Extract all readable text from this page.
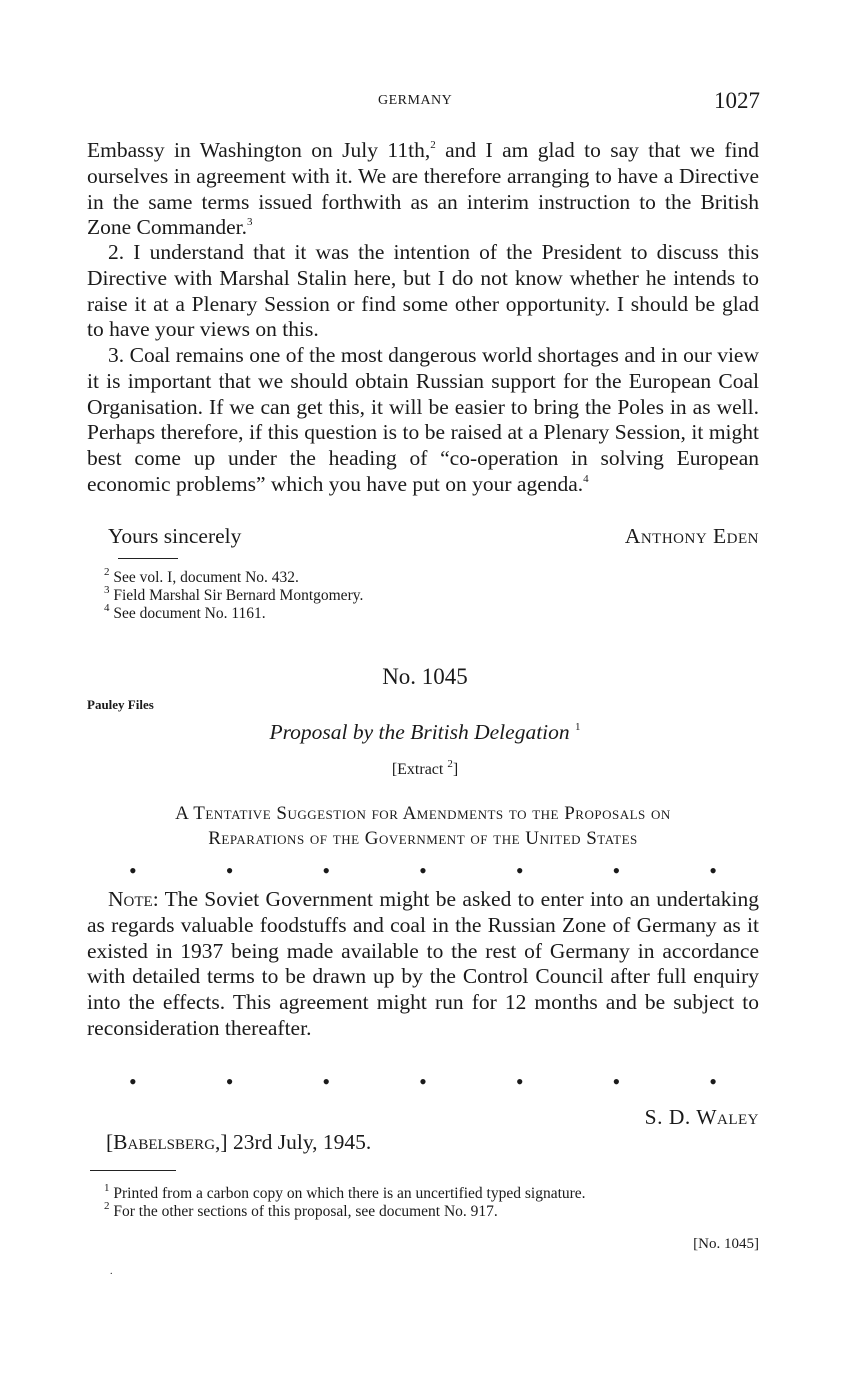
GERMANY	1027
Embassy in Washington on July 11th,$^2$ and I am glad to say that we find ourselves in agreement with it. We are therefore arranging to have a Directive in the same terms issued forthwith as an interim instruction to the British Zone Commander.$^3$
2. I understand that it was the intention of the President to discuss this Directive with Marshal Stalin here, but I do not know whether he intends to raise it at a Plenary Session or find some other opportunity. I should be glad to have your views on this.
3. Coal remains one of the most dangerous world shortages and in our view it is important that we should obtain Russian support for the European Coal Organisation. If we can get this, it will be easier to bring the Poles in as well. Perhaps therefore, if this question is to be raised at a Plenary Session, it might best come up under the heading of “co-operation in solving European economic problems” which you have put on your agenda.$^4$
Yours sincerely	Anthony Eden
$^2$ See vol. I, document No. 432.
$^3$ Field Marshal Sir Bernard Montgomery.
$^4$ See document No. 1161.
No. 1045
Pauley Files
Proposal by the British Delegation $^1$
[Extract $^2$]
A Tentative Suggestion for Amendments to the Proposals on
Reparations of the Government of the United States
•	•	•	•	•	•	•
Note: The Soviet Government might be asked to enter into an undertaking as regards valuable foodstuffs and coal in the Russian Zone of Germany as it existed in 1937 being made available to the rest of Germany in accordance with detailed terms to be drawn up by the Control Council after full enquiry into the effects. This agreement might run for 12 months and be subject to reconsideration thereafter.
•	•	•	•	•	•	•
S. D. Waley
[Babelsberg,] 23rd July, 1945.
$^1$ Printed from a carbon copy on which there is an uncertified typed signature.
$^2$ For the other sections of this proposal, see document No. 917.
[No. 1045]
.
